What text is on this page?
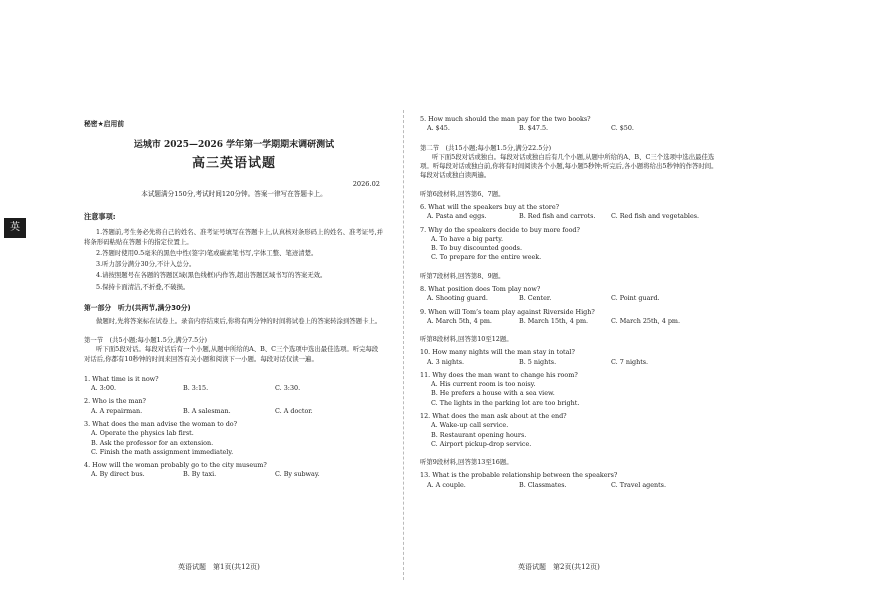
英
秘密★启用前
运城市 2025—2026 学年第一学期期末调研测试
高三英语试题
2026.02
本试题满分150分,考试时间120分钟。答案一律写在答题卡上。
注意事项:
1.答题前,考生务必先将自己的姓名、准考证号填写在答题卡上,认真核对条形码上的姓名、准考证号,并将条形码粘贴在答题卡的指定位置上。
2.答题时使用0.5毫米的黑色中性(签字)笔或碳素笔书写,字体工整、笔迹清楚。
3.听力部分满分30分,不计入总分。
4.请按照题号在各题的答题区域(黑色线框)内作答,超出答题区域书写的答案无效。
5.保持卡面清洁,不折叠,不破损。
第一部分　听力(共两节,满分30分)
做题时,先将答案标在试卷上。录音内容结束后,你将有两分钟的时间将试卷上的答案转涂到答题卡上。
第一节　(共5小题;每小题1.5分,满分7.5分)
听下面5段对话。每段对话后有一个小题,从题中所给的A、B、C三个选项中选出最佳选项。听完每段对话后,你都有10秒钟的时间来回答有关小题和阅读下一小题。每段对话仅读一遍。
1. What time is it now?
A. 3:00.	B. 3:15.	C. 3:30.
2. Who is the man?
A. A repairman.	B. A salesman.	C. A doctor.
3. What does the man advise the woman to do?
A. Operate the physics lab first.
B. Ask the professor for an extension.
C. Finish the math assignment immediately.
4. How will the woman probably go to the city museum?
A. By direct bus.	B. By taxi.	C. By subway.
5. How much should the man pay for the two books?
A. $45.	B. $47.5.	C. $50.
第二节　(共15小题;每小题1.5分,满分22.5分)
听下面5段对话或独白。每段对话或独白后有几个小题,从题中所给的A、B、C三个选项中选出最佳选项。听每段对话或独白前,你将有时间阅读各个小题,每小题5秒钟;听完后,各小题将给出5秒钟的作答时间。每段对话或独白读两遍。
听第6段材料,回答第6、7题。
6. What will the speakers buy at the store?
A. Pasta and eggs.	B. Red fish and carrots.	C. Red fish and vegetables.
7. Why do the speakers decide to buy more food?
A. To have a big party.
B. To buy discounted goods.
C. To prepare for the entire week.
听第7段材料,回答第8、9题。
8. What position does Tom play now?
A. Shooting guard.	B. Center.	C. Point guard.
9. When will Tom’s team play against Riverside High?
A. March 5th, 4 pm.	B. March 15th, 4 pm.	C. March 25th, 4 pm.
听第8段材料,回答第10至12题。
10. How many nights will the man stay in total?
A. 3 nights.	B. 5 nights.	C. 7 nights.
11. Why does the man want to change his room?
A. His current room is too noisy.
B. He prefers a house with a sea view.
C. The lights in the parking lot are too bright.
12. What does the man ask about at the end?
A. Wake-up call service.
B. Restaurant opening hours.
C. Airport pickup-drop service.
听第9段材料,回答第13至16题。
13. What is the probable relationship between the speakers?
A. A couple.	B. Classmates.	C. Travel agents.
英语试题　第1页(共12页)	英语试题　第2页(共12页)
